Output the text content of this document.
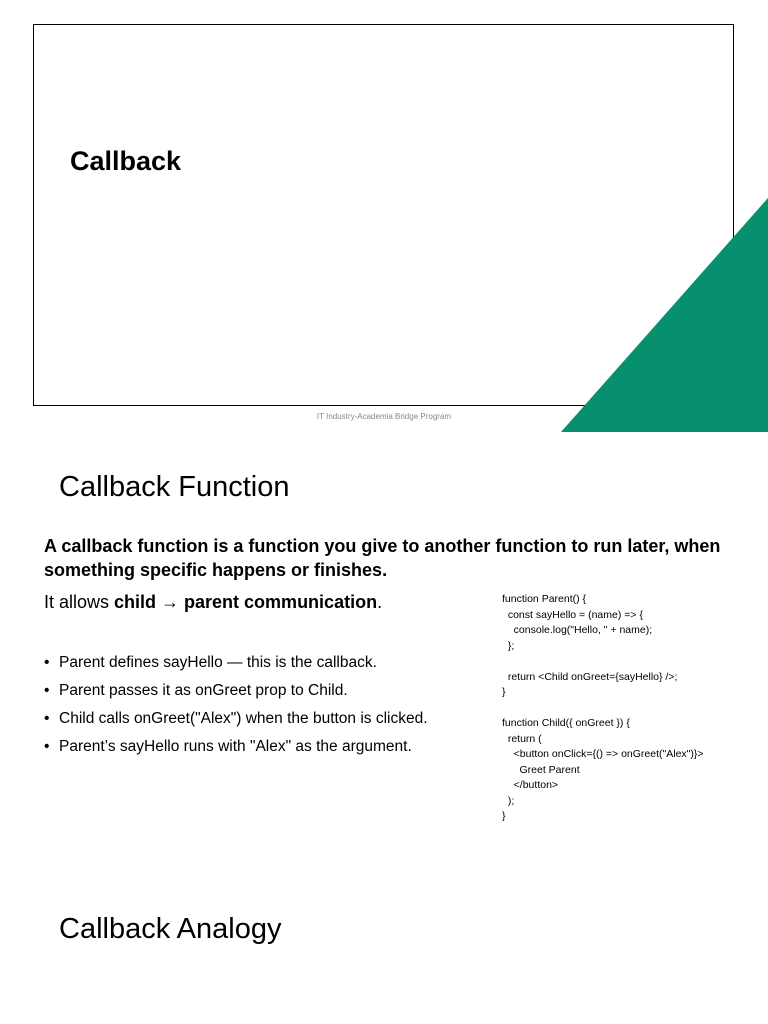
Callback
IT Industry-Academia Bridge Program
Callback Function
A callback function is a function you give to another function to run later, when something specific happens or finishes.
It allows child → parent communication.
• Parent defines sayHello — this is the callback.
• Parent passes it as onGreet prop to Child.
• Child calls onGreet("Alex") when the button is clicked.
• Parent’s sayHello runs with "Alex" as the argument.
function Parent() {
const sayHello = (name) => {
console.log("Hello, " + name);
};

return <Child onGreet={sayHello} />;
}

function Child({ onGreet }) {
return (
<button onClick={() => onGreet("Alex")}>
Greet Parent
</button>
);
}
Callback Analogy
